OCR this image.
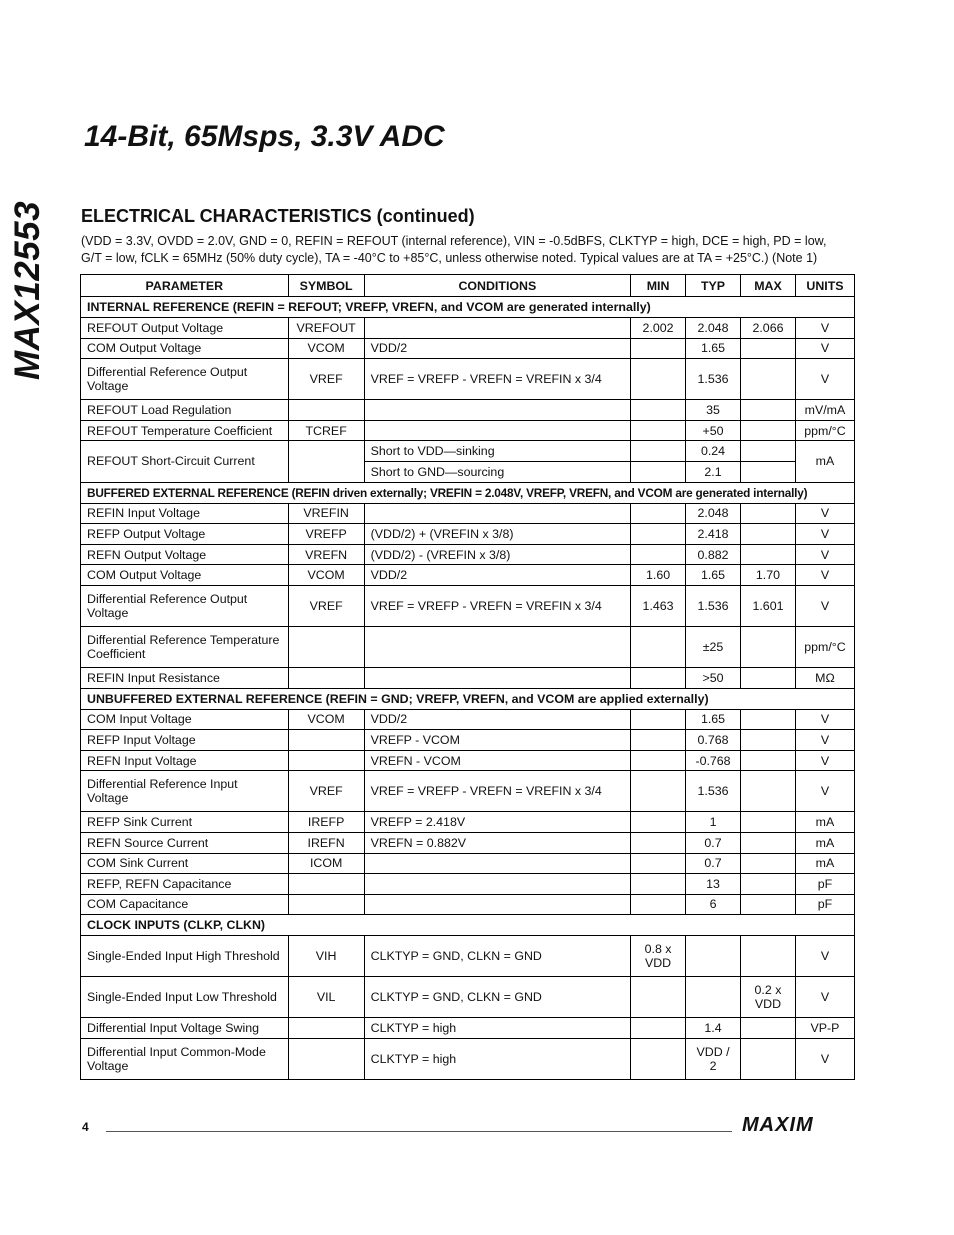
MAX12553
14-Bit, 65Msps, 3.3V ADC
ELECTRICAL CHARACTERISTICS (continued)
(VDD = 3.3V, OVDD = 2.0V, GND = 0, REFIN = REFOUT (internal reference), VIN = -0.5dBFS, CLKTYP = high, DCE = high, PD = low,
G/T = low, fCLK = 65MHz (50% duty cycle), TA = -40°C to +85°C, unless otherwise noted. Typical values are at TA = +25°C.) (Note 1)
PARAMETER	SYMBOL	CONDITIONS	MIN	TYP	MAX	UNITS
INTERNAL REFERENCE (REFIN = REFOUT; VREFP, VREFN, and VCOM are generated internally)						
REFOUT Output Voltage	VREFOUT		2.002	2.048	2.066	V
COM Output Voltage	VCOM	VDD/2		1.65		V
Differential Reference Output Voltage	VREF	VREF = VREFP - VREFN = VREFIN x 3/4		1.536		V
REFOUT Load Regulation				35		mV/mA
REFOUT Temperature Coefficient	TCREF			+50		ppm/°C
REFOUT Short-Circuit Current		Short to VDD—sinking		0.24		mA
		Short to GND—sourcing		2.1		
BUFFERED EXTERNAL REFERENCE (REFIN driven externally; VREFIN = 2.048V, VREFP, VREFN, and VCOM are generated internally)						
REFIN Input Voltage	VREFIN			2.048		V
REFP Output Voltage	VREFP	(VDD/2) + (VREFIN x 3/8)		2.418		V
REFN Output Voltage	VREFN	(VDD/2) - (VREFIN x 3/8)		0.882		V
COM Output Voltage	VCOM	VDD/2	1.60	1.65	1.70	V
Differential Reference Output Voltage	VREF	VREF = VREFP - VREFN = VREFIN x 3/4	1.463	1.536	1.601	V
Differential Reference Temperature Coefficient				±25		ppm/°C
REFIN Input Resistance				>50		MΩ
UNBUFFERED EXTERNAL REFERENCE (REFIN = GND; VREFP, VREFN, and VCOM are applied externally)						
COM Input Voltage	VCOM	VDD/2		1.65		V
REFP Input Voltage		VREFP - VCOM		0.768		V
REFN Input Voltage		VREFN - VCOM		-0.768		V
Differential Reference Input Voltage	VREF	VREF = VREFP - VREFN = VREFIN x 3/4		1.536		V
REFP Sink Current	IREFP	VREFP = 2.418V		1		mA
REFN Source Current	IREFN	VREFN = 0.882V		0.7		mA
COM Sink Current	ICOM			0.7		mA
REFP, REFN Capacitance				13		pF
COM Capacitance				6		pF
CLOCK INPUTS (CLKP, CLKN)						
Single-Ended Input High Threshold	VIH	CLKTYP = GND, CLKN = GND	0.8 x VDD			V
Single-Ended Input Low Threshold	VIL	CLKTYP = GND, CLKN = GND			0.2 x VDD	V
Differential Input Voltage Swing		CLKTYP = high		1.4		VP-P
Differential Input Common-Mode Voltage		CLKTYP = high		VDD / 2		V
4	MAXIM
